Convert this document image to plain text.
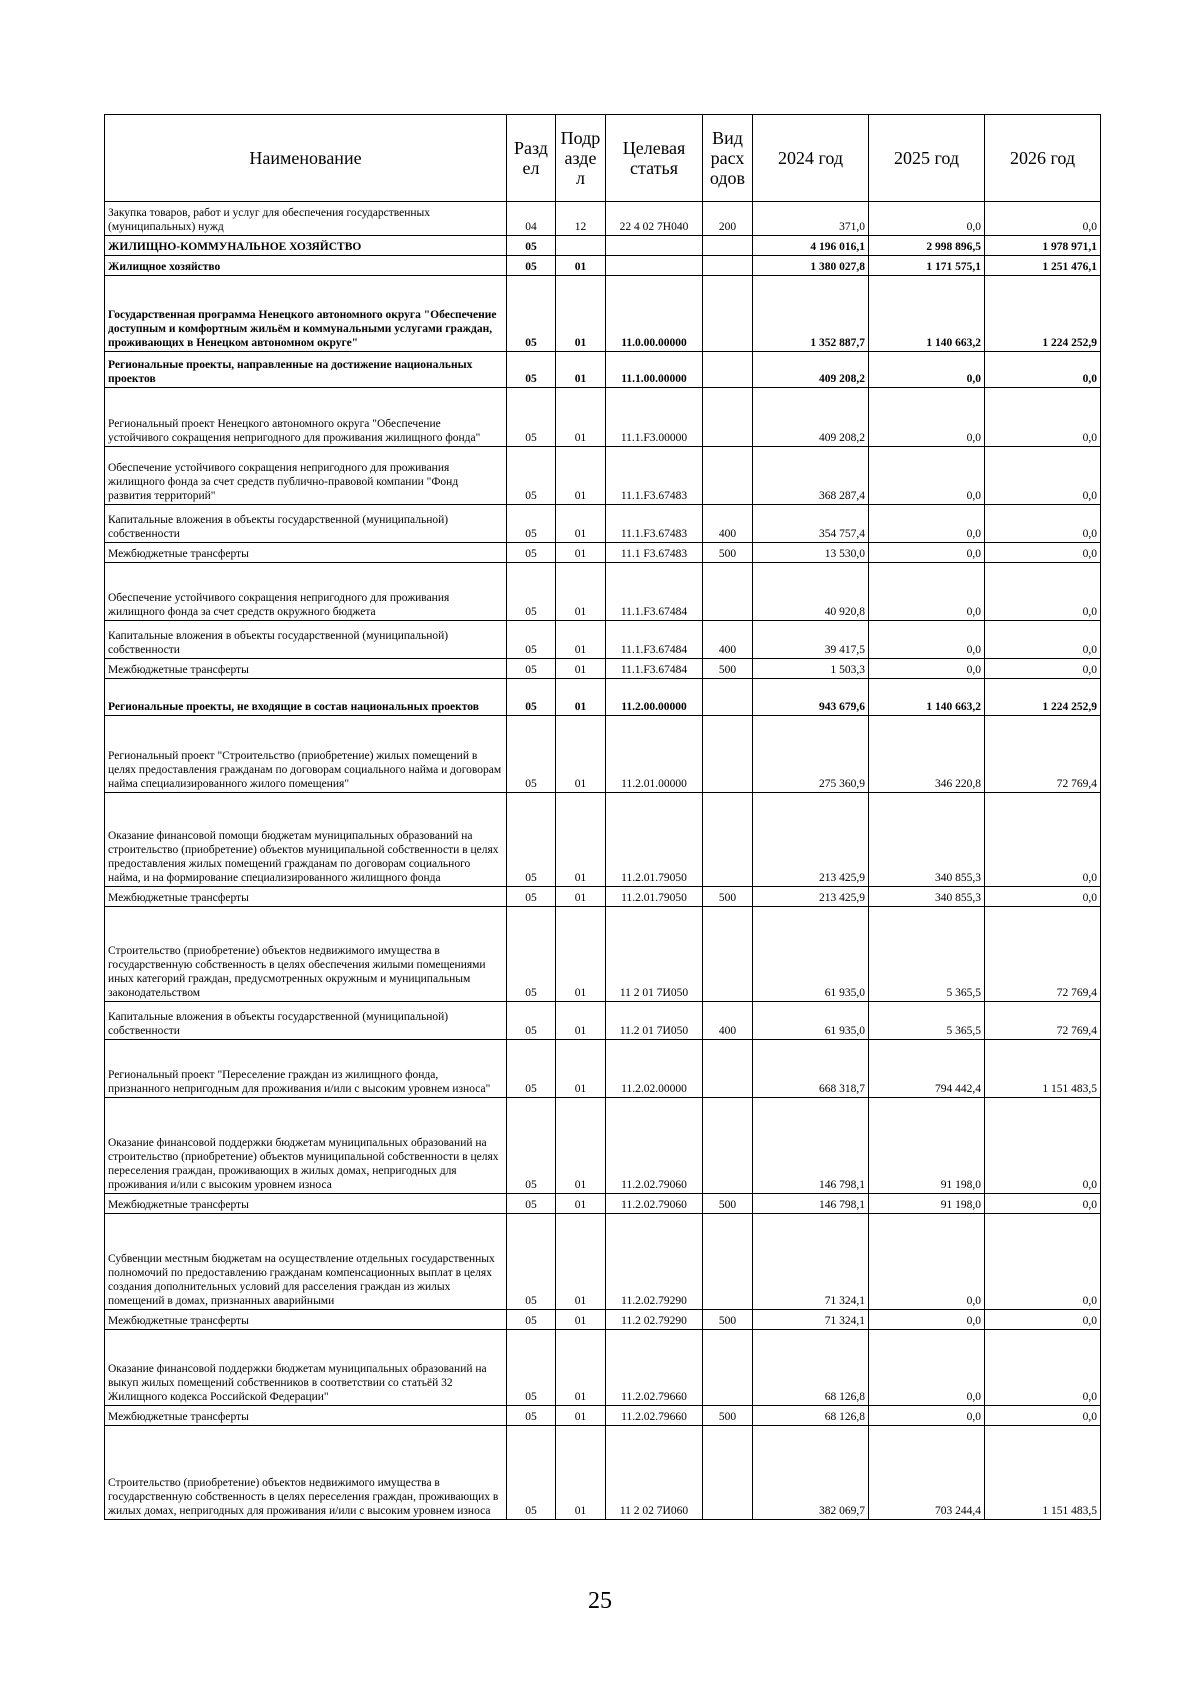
Наименование	Разд ел	Подр азде л	Целевая статья	Вид расх одов	2024 год	2025 год	2026 год
Закупка товаров, работ и услуг для обеспечения государственных (муниципальных) нужд	04	12	22 4 02 7Н040	200	371,0	0,0	0,0
ЖИЛИЩНО-КОММУНАЛЬНОЕ ХОЗЯЙСТВО	05				4 196 016,1	2 998 896,5	1 978 971,1
Жилищное хозяйство	05	01			1 380 027,8	1 171 575,1	1 251 476,1
Государственная программа Ненецкого автономного округа "Обеспечение доступным и комфортным жильём и коммунальными услугами граждан, проживающих в Ненецком автономном округе"	05	01	11.0.00.00000		1 352 887,7	1 140 663,2	1 224 252,9
Региональные проекты, направленные на достижение национальных проектов	05	01	11.1.00.00000		409 208,2	0,0	0,0
Региональный проект Ненецкого автономного округа "Обеспечение устойчивого сокращения непригодного для проживания жилищного фонда"	05	01	11.1.F3.00000		409 208,2	0,0	0,0
Обеспечение устойчивого сокращения непригодного для проживания жилищного фонда за счет средств публично-правовой компании "Фонд развития территорий"	05	01	11.1.F3.67483		368 287,4	0,0	0,0
Капитальные вложения в объекты государственной (муниципальной) собственности	05	01	11.1.F3.67483	400	354 757,4	0,0	0,0
Межбюджетные трансферты	05	01	11.1 F3.67483	500	13 530,0	0,0	0,0
Обеспечение устойчивого сокращения непригодного для проживания жилищного фонда за счет средств окружного бюджета	05	01	11.1.F3.67484		40 920,8	0,0	0,0
Капитальные вложения в объекты государственной (муниципальной) собственности	05	01	11.1.F3.67484	400	39 417,5	0,0	0,0
Межбюджетные трансферты	05	01	11.1.F3.67484	500	1 503,3	0,0	0,0
Региональные проекты, не входящие в состав национальных проектов	05	01	11.2.00.00000		943 679,6	1 140 663,2	1 224 252,9
Региональный проект "Строительство (приобретение) жилых помещений в целях предоставления гражданам по договорам социального найма и договорам найма специализированного жилого помещения"	05	01	11.2.01.00000		275 360,9	346 220,8	72 769,4
Оказание финансовой помощи бюджетам муниципальных образований на строительство (приобретение) объектов муниципальной собственности в целях предоставления жилых помещений гражданам по договорам социального найма, и на формирование специализированного жилищного фонда	05	01	11.2.01.79050		213 425,9	340 855,3	0,0
Межбюджетные трансферты	05	01	11.2.01.79050	500	213 425,9	340 855,3	0,0
Строительство (приобретение) объектов недвижимого имущества в государственную собственность в целях обеспечения жилыми помещениями иных категорий граждан, предусмотренных окружным и муниципальным законодательством	05	01	11 2 01 7И050		61 935,0	5 365,5	72 769,4
Капитальные вложения в объекты государственной (муниципальной) собственности	05	01	11.2 01 7И050	400	61 935,0	5 365,5	72 769,4
Региональный проект "Переселение граждан из жилищного фонда, признанного непригодным для проживания и/или с высоким уровнем износа"	05	01	11.2.02.00000		668 318,7	794 442,4	1 151 483,5
Оказание финансовой поддержки бюджетам муниципальных образований на строительство (приобретение) объектов муниципальной собственности в целях переселения граждан, проживающих в жилых домах, непригодных для проживания и/или с высоким уровнем износа	05	01	11.2.02.79060		146 798,1	91 198,0	0,0
Межбюджетные трансферты	05	01	11.2.02.79060	500	146 798,1	91 198,0	0,0
Субвенции местным бюджетам на осуществление отдельных государственных полномочий по предоставлению гражданам компенсационных выплат в целях создания дополнительных условий для расселения граждан из жилых помещений в домах, признанных аварийными	05	01	11.2.02.79290		71 324,1	0,0	0,0
Межбюджетные трансферты	05	01	11.2 02.79290	500	71 324,1	0,0	0,0
Оказание финансовой поддержки бюджетам муниципальных образований на выкуп жилых помещений собственников в соответствии со статьёй 32 Жилищного кодекса Российской Федерации"	05	01	11.2.02.79660		68 126,8	0,0	0,0
Межбюджетные трансферты	05	01	11.2.02.79660	500	68 126,8	0,0	0,0
Строительство (приобретение) объектов недвижимого имущества в государственную собственность в целях переселения граждан, проживающих в жилых домах, непригодных для проживания и/или с высоким уровнем износа	05	01	11 2 02 7И060		382 069,7	703 244,4	1 151 483,5
25
